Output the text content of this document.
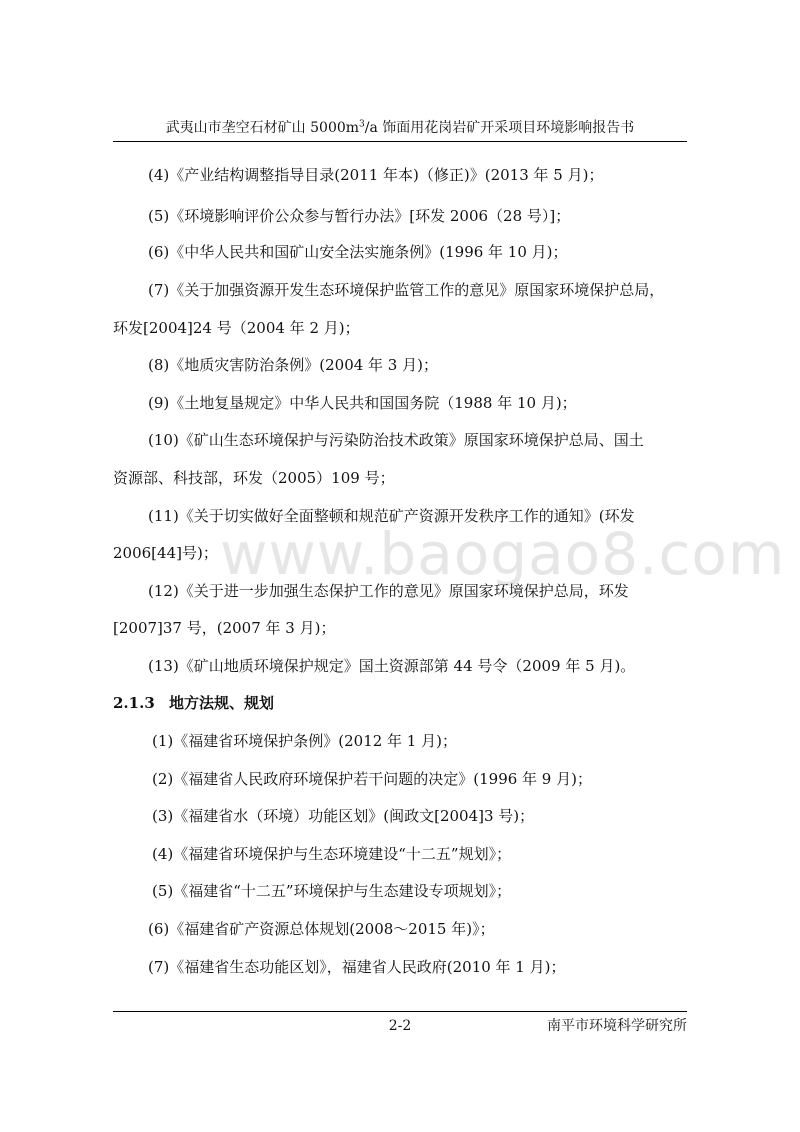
武夷山市垄空石材矿山 $5000m^3/a$ 饰面用花岗岩矿开采项目环境影响报告书
www.baogao8.com
(4)《产业结构调整指导目录(2011 年本)（修正)》(2013 年 5 月)；
(5)《环境影响评价公众参与暂行办法》[环发 2006（28 号）]；
(6)《中华人民共和国矿山安全法实施条例》(1996 年 10 月)；
(7)《关于加强资源开发生态环境保护监管工作的意见》原国家环境保护总局，
环发[2004]24 号（2004 年 2 月)；
(8)《地质灾害防治条例》(2004 年 3 月)；
(9)《土地复垦规定》中华人民共和国国务院（1988 年 10 月)；
(10)《矿山生态环境保护与污染防治技术政策》原国家环境保护总局、国土
资源部、科技部，环发（2005）109 号；
(11)《关于切实做好全面整顿和规范矿产资源开发秩序工作的通知》(环发
2006[44]号)；
(12)《关于进一步加强生态保护工作的意见》原国家环境保护总局，环发
[2007]37 号，(2007 年 3 月)；
(13)《矿山地质环境保护规定》国土资源部第 44 号令（2009 年 5 月)。
2.1.3 地方法规、规划
(1)《福建省环境保护条例》(2012 年 1 月)；
(2)《福建省人民政府环境保护若干问题的决定》(1996 年 9 月)；
(3)《福建省水（环境）功能区划》(闽政文[2004]3 号)；
(4)《福建省环境保护与生态环境建设“十二五”规划》；
(5)《福建省“十二五”环境保护与生态建设专项规划》；
(6)《福建省矿产资源总体规划(2008～2015 年)》；
(7)《福建省生态功能区划》，福建省人民政府(2010 年 1 月)；
2-2	南平市环境科学研究所
